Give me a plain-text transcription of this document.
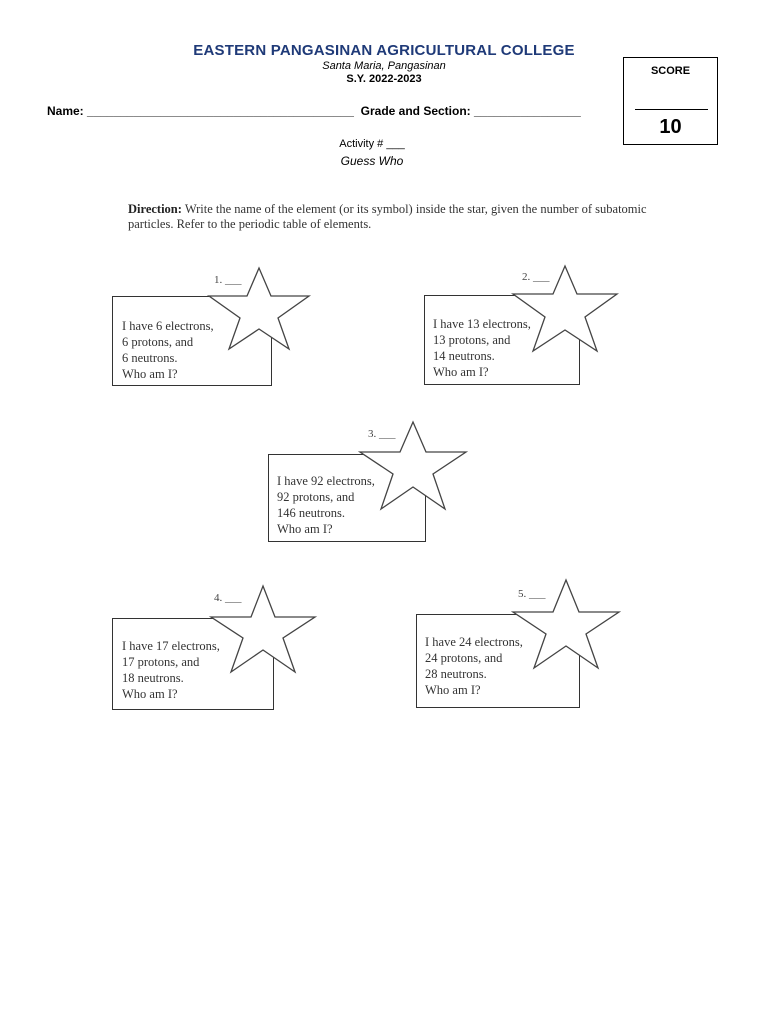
EASTERN PANGASINAN AGRICULTURAL COLLEGE
Santa Maria, Pangasinan
S.Y. 2022-2023
SCORE
10
Name: ________________________________________  Grade and Section: ________________
Activity # ___
Guess Who
Direction: Write the name of the element (or its symbol) inside the star, given the number of subatomic particles. Refer to the periodic table of elements.
1. ___
I have 6 electrons,
6 protons, and
6 neutrons.
Who am I?
2. ___
I have 13 electrons,
13 protons, and
14 neutrons.
Who am I?
3. ___
I have 92 electrons,
92 protons, and
146 neutrons.
Who am I?
4. ___
I have 17 electrons,
17 protons, and
18 neutrons.
Who am I?
5. ___
I have 24 electrons,
24 protons, and
28 neutrons.
Who am I?
